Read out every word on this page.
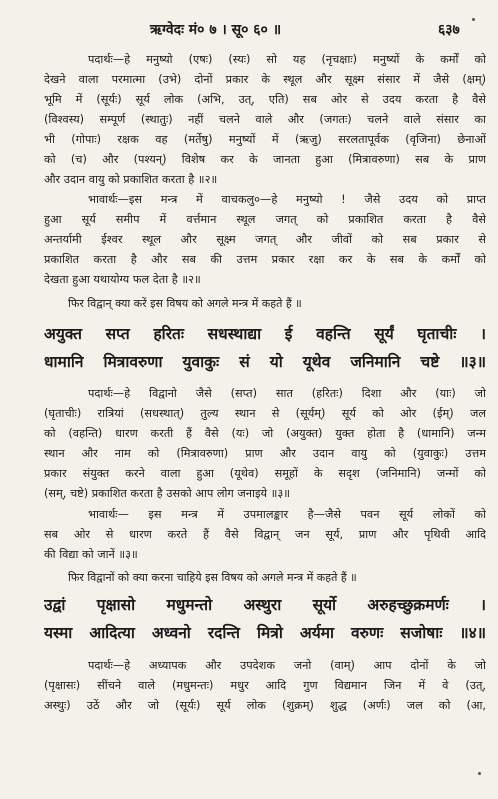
ऋग्वेदः मं० ७ । सू० ६० ॥	६३७
पदार्थः—हे मनुष्यो (एषः) (स्यः) सो यह (नृचक्षाः) मनुष्यों के कर्मों को
देखने वाला परमात्मा (उभे) दोनों प्रकार के स्थूल और सूक्ष्म संसार में जैसे (क्षम्)
भूमि में (सूर्यः) सूर्य लोक (अभि, उत्, एति) सब ओर से उदय करता है वैसे
(विश्वस्य) सम्पूर्ण (स्थातुः) नहीं चलने वाले और (जगतः) चलने वाले संसार का
भी (गोपाः) रक्षक वह (मर्तेषु) मनुष्यों में (ऋजु) सरलतापूर्वक (वृजिना) छेनाओं
को (च) और (पश्यन्) विशेष कर के जानता हुआ (मित्रावरुणा) सब के प्राण
और उदान वायु को प्रकाशित करता है ॥२॥
भावार्थः—इस मन्त्र में वाचकलु०—हे मनुष्यो ! जैसे उदय को प्राप्त
हुआ सूर्य समीप में वर्त्तमान स्थूल जगत् को प्रकाशित करता है वैसे
अन्तर्यामी ईश्वर स्थूल और सूक्ष्म जगत् और जीवों को सब प्रकार से
प्रकाशित करता है और सब की उत्तम प्रकार रक्षा कर के सब के कर्मों को
देखता हुआ यथायोग्य फल देता है ॥२॥
फिर विद्वान् क्या करें इस विषय को अगले मन्त्र में कहते हैं ॥
अयुक्त सप्त हरितः सधस्थाद्या ई वहन्ति सूर्यं घृताचीः ।
धामानि मित्रावरुणा युवाकुः सं यो यूथेव जनिमानि चष्टे ॥३॥
पदार्थः—हे विद्वानो जैसे (सप्त) सात (हरितः) दिशा और (याः) जो
(घृताचीः) रात्रियां (सधस्थात्) तुल्य स्थान से (सूर्यम्) सूर्य को ओर (ईम्) जल
को (वहन्ति) धारण करती हैं वैसे (यः) जो (अयुक्त) युक्त होता है (धामानि) जन्म
स्थान और नाम को (मित्रावरुणा) प्राण और उदान वायु को (युवाकुः) उत्तम
प्रकार संयुक्त करने वाला हुआ (यूथेव) समूहों के सदृश (जनिमानि) जन्मों को
(सम्, चष्टे) प्रकाशित करता है उसको आप लोग जनाइये ॥३॥
भावार्थः— इस मन्त्र में उपमालङ्कार है—जैसे पवन सूर्य लोकों को
सब ओर से धारण करते हैं वैसे विद्वान् जन सूर्य, प्राण और पृथिवी आदि
की विद्या को जानें ॥३॥
फिर विद्वानों को क्या करना चाहिये इस विषय को अगले मन्त्र में कहते हैं ॥
उद्वां पृक्षासो मधुमन्तो अस्थुरा सूर्यो अरुहच्छुक्रमर्णः ।
यस्मा आदित्या अध्वनो रदन्ति मित्रो अर्यमा वरुणः सजोषाः ॥४॥
पदार्थः—हे अध्यापक और उपदेशक जनो (वाम्) आप दोनों के जो
(पृक्षासः) सींचने वाले (मधुमन्तः) मधुर आदि गुण विद्यमान जिन में वे (उत्,
अस्थुः) उठें और जो (सूर्यः) सूर्य लोक (शुक्रम्) शुद्ध (अर्णः) जल को (आ,
